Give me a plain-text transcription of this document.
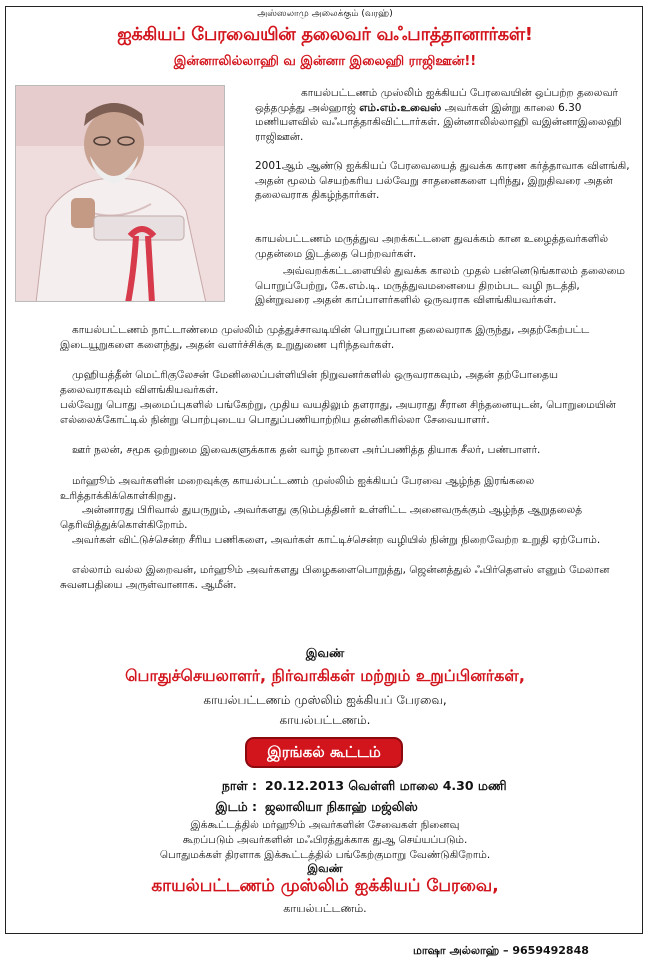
அஸ்ஸலாமு அலைக்கும் (வரஹ்)
ஐக்கியப் பேரவையின் தலைவர் வஃபாத்தானார்கள்!
இன்னாலில்லாஹி வ இன்னா இலைஹி ராஜிஊன்!!
காயல்பட்டணம் முஸ்லிம் ஐக்கியப் பேரவையின் ஒப்பற்ற தலைவர் ஒத்தமுத்து அல்ஹாஜ் எம்.எம்.உவைஸ் அவர்கள் இன்று காலை 6.30 மணியளவில் வஃபாத்தாகிவிட்டார்கள். இன்னாலில்லாஹி வஇன்னாஇலைஹி ராஜிஊன்.
2001ஆம் ஆண்டு ஐக்கியப் பேரவையைத் துவக்க காரண கர்த்தாவாக விளங்கி, அதன் மூலம் செயற்கரிய பல்வேறு சாதனைகளை புரிந்து, இறுதிவரை அதன் தலைவராக திகழ்ந்தார்கள்.
காயல்பட்டணம் மருத்துவ அறக்கட்டளை துவக்கம் கான உழைத்தவர்களில் முதன்மை இடத்தை பெற்றவர்கள்.
அவ்வறக்கட்டளையில் துவக்க காலம் முதல் பன்னெடுங்காலம் தலைமை பொறுப்பேற்று, கே.எம்.டி. மருத்துவமனையை திறம்பட வழி நடத்தி, இன்றுவரை அதன் காப்பாளர்களில் ஒருவராக விளங்கியவர்கள்.
காயல்பட்டணம் நாட்டாண்மை முஸ்லிம் முத்துச்சாவடியின் பொறுப்பான தலைவராக இருந்து, அதற்கேற்பட்ட இடையூறுகளை களைந்து, அதன் வளர்ச்சிக்கு உறுதுணை புரிந்தவர்கள்.
முஹியத்தீன் மெட்ரிகுலேசன் மேனிலைப்பள்ளியின் நிறுவனர்களில் ஒருவராகவும், அதன் தற்போதைய தலைவராகவும் விளங்கியவர்கள்.
பல்வேறு பொது அமைப்புகளில் பங்கேற்று, முதிய வயதிலும் தளராது, அயராது சீரான சிந்தனையுடன், பொறுமையின் எல்லைக்கோட்டில் நின்று பொற்புடைய பொதுப்பணியாற்றிய தன்னிகரில்லா சேவையாளர்.
ஊர் நலன், சமூக ஒற்றுமை இவைகளுக்காக தன் வாழ் நாளை அர்ப்பணித்த தியாக சீலர், பண்பாளர்.
மர்ஹூம் அவர்களின் மறைவுக்கு காயல்பட்டணம் முஸ்லிம் ஐக்கியப் பேரவை ஆழ்ந்த இரங்கலை உரித்தாக்கிக்கொள்கிறது.
அன்னாரது பிரிவால் துயருறும், அவர்களது குடும்பத்தினர் உள்ளிட்ட அனைவருக்கும் ஆழ்ந்த ஆறுதலைத் தெரிவித்துக்கொள்கிறோம்.
அவர்கள் விட்டுச்சென்ற சீரிய பணிகளை, அவர்கள் காட்டிச்சென்ற வழியில் நின்று நிறைவேற்ற உறுதி ஏற்போம்.
எல்லாம் வல்ல இறைவன், மர்ஹூம் அவர்களது பிழைகளைபொறுத்து, ஜென்னத்துல் ஃபிர்தௌஸ் எனும் மேலான சுவனபதியை அருள்வானாக. ஆமீன்.
இவண்
பொதுச்செயலாளர், நிர்வாகிகள் மற்றும் உறுப்பினர்கள்,
காயல்பட்டணம் முஸ்லிம் ஐக்கியப் பேரவை,
காயல்பட்டணம்.
இரங்கல் கூட்டம்
நாள் : 20.12.2013 வெள்ளி மாலை 4.30 மணி
இடம் : ஜலாலியா நிகாஹ் மஜ்லிஸ்
இக்கூட்டத்தில் மர்ஹூம் அவர்களின் சேவைகள் நினைவு
கூறப்படும் அவர்களின் மஃபிரத்துக்காக துஆ செய்யப்படும்.
பொதுமக்கள் திரளாக இக்கூட்டத்தில் பங்கேற்குமாறு வேண்டுகிறோம்.
இவண்
காயல்பட்டணம் முஸ்லிம் ஐக்கியப் பேரவை,
காயல்பட்டணம்.
மாஷா அல்லாஹ் – 9659492848
